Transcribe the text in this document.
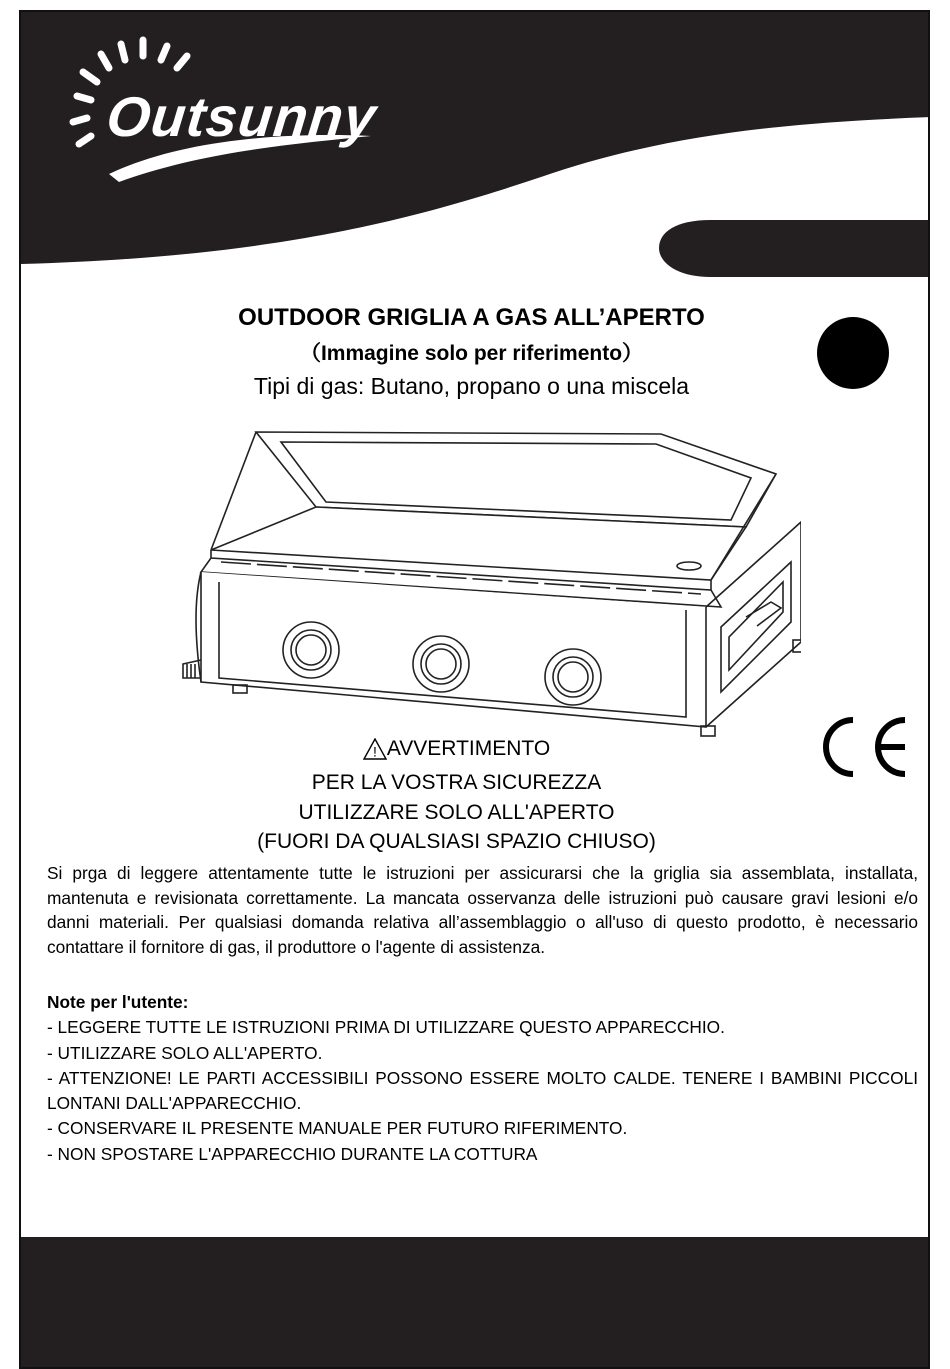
Outsunny
OUTDOOR GRIGLIA A GAS ALL’APERTO
（Immagine solo per riferimento）
Tipi di gas: Butano, propano o una miscela
! AVVERTIMENTO
PER LA VOSTRA SICUREZZA
UTILIZZARE SOLO ALL'APERTO
(FUORI DA QUALSIASI SPAZIO CHIUSO)
Si prga di leggere attentamente tutte le istruzioni per assicurarsi che la griglia sia assemblata, installata, mantenuta e revisionata correttamente. La mancata osservanza delle istruzioni può causare gravi lesioni e/o danni materiali. Per qualsiasi domanda relativa all’assemblaggio o all'uso di questo prodotto, è necessario contattare il fornitore di gas, il produttore o l'agente di assistenza.
Note per l'utente:
- LEGGERE TUTTE LE ISTRUZIONI PRIMA DI UTILIZZARE QUESTO APPARECCHIO.
- UTILIZZARE SOLO ALL'APERTO.
- ATTENZIONE! LE PARTI ACCESSIBILI POSSONO ESSERE MOLTO CALDE. TENERE I BAMBINI PICCOLI LONTANI DALL'APPARECCHIO.
- CONSERVARE IL PRESENTE MANUALE PER FUTURO RIFERIMENTO.
- NON SPOSTARE L'APPARECCHIO DURANTE LA COTTURA
